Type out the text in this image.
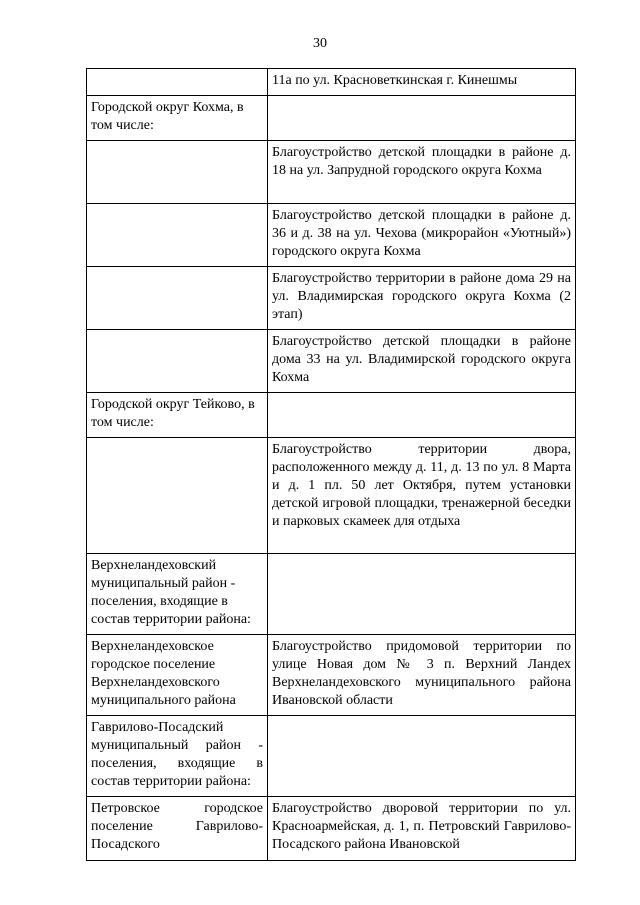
30
	11а по ул. Красноветкинская г. Кинешмы
Городской округ Кохма, в том числе:	
	Благоустройство детской площадки в районе д. 18 на ул. Запрудной городского округа Кохма
	Благоустройство детской площадки в районе д. 36 и д. 38 на ул. Чехова (микрорайон «Уютный») городского округа Кохма
	Благоустройство территории в районе дома 29 на ул. Владимирская городского округа Кохма (2 этап)
	Благоустройство детской площадки в районе дома 33 на ул. Владимирской городского округа Кохма
Городской округ Тейково, в том числе:	
	Благоустройство территории двора, расположенного между д. 11, д. 13 по ул. 8 Марта и д. 1 пл. 50 лет Октября, путем установки детской игровой площадки, тренажерной беседки и парковых скамеек для отдыха
Верхнеландеховский муниципальный район - поселения, входящие в состав территории района:	
Верхнеландеховское городское поселение Верхнеландеховского муниципального района	Благоустройство придомовой территории по улице Новая дом № 3 п. Верхний Ландех Верхнеландеховского муниципального района Ивановской области
Гаврилово-Посадский муниципальный район - поселения, входящие в состав территории района:	
Петровское городское поселение Гаврилово-Посадского	Благоустройство дворовой территории по ул. Красноармейская, д. 1, п. Петровский Гаврилово-Посадского района Ивановской
